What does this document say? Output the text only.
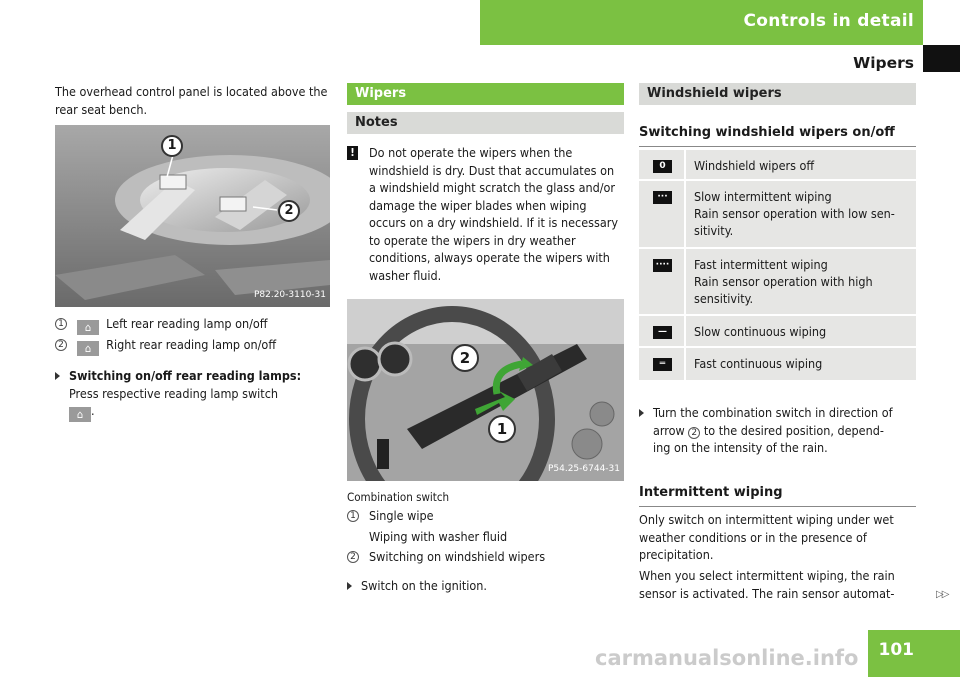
Controls in detail
Wipers
The overhead control panel is located above the rear seat bench.
1
2
P82.20-3110-31
1	⌂ Left rear reading lamp on/off
2	⌂ Right rear reading lamp on/off
Switching on/off rear reading lamps:
Press respective reading lamp switch
⌂ .
Wipers
Notes
!	Do not operate the wipers when the windshield is dry. Dust that accumulates on a windshield might scratch the glass and/or damage the wiper blades when wiping occurs on a dry windshield. If it is necessary to operate the wipers in dry weather conditions, always operate the wipers with washer fluid.
2
1
P54.25-6744-31
Combination switch
1 Single wipe
Wiping with washer fluid
2 Switching on windshield wipers
Switch on the ignition.
Windshield wipers
Switching windshield wipers on/off
0	Windshield wipers off
···	Slow intermittent wiping
Rain sensor operation with low sen-
sitivity.
···· Fast intermittent wiping
Rain sensor operation with high
sensitivity.
—	Slow continuous wiping
═	Fast continuous wiping
Turn the combination switch in direction of
arrow 2 to the desired position, depend-
ing on the intensity of the rain.
Intermittent wiping
Only switch on intermittent wiping under wet weather conditions or in the presence of precipitation.
When you select intermittent wiping, the rain sensor is activated. The rain sensor automat-	▷▷
101
carmanualsonline.info
